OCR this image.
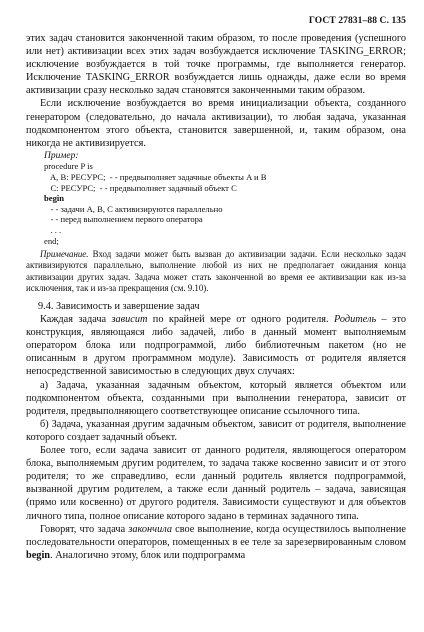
ГОСТ 27831–88 С. 135

этих задач становится законченной таким образом, то после проведения (успешного или нет) активизации всех этих задач возбуждается исключение TASKING_ERROR; исключение возбуждается в той точке программы, где выполняется генератор. Исключение TASKING_ERROR возбуждается лишь однажды, даже если во время активизации сразу несколько задач становятся законченными таким образом.

Если исключение возбуждается во время инициализации объекта, созданного генератором (следовательно, до начала активизации), то любая задача, указанная подкомпонентом этого объекта, становится завершенной, и, таким образом, она никогда не активизируется.

Пример:
procedure P is
A, B: РЕСУРС;  - - предвыполняет задачные объекты A и B
C: РЕСУРС;  - - предвыполняет задачный объект C
begin
- - задачи A, B, C активизируются параллельно
- - перед выполнением первого оператора
. . .
end;
Примечание. Вход задачи может быть вызван до активизации задачи. Если несколько задач активизируются параллельно, выполнение любой из них не предполагает ожидания конца активизации других задач. Задача может стать законченной во время ее активизации как из-за исключения, так и из-за прекращения (см. 9.10).
9.4. Зависимость и завершение задач

Каждая задача зависит по крайней мере от одного родителя. Родитель – это конструкция, являющаяся либо задачей, либо в данный момент выполняемым оператором блока или подпрограммой, либо библиотечным пакетом (но не описанным в другом программном модуле). Зависимость от родителя является непосредственной зависимостью в следующих двух случаях:

а) Задача, указанная задачным объектом, который является объектом или подкомпонентом объекта, созданными при выполнении генератора, зависит от родителя, предвыполняющего соответствующее описание ссылочного типа.

б) Задача, указанная другим задачным объектом, зависит от родителя, выполнение которого создает задачный объект.

Более того, если задача зависит от данного родителя, являющегося оператором блока, выполняемым другим родителем, то задача также косвенно зависит и от этого родителя; то же справедливо, если данный родитель является подпрограммой, вызванной другим родителем, а также если данный родитель – задача, зависящая (прямо или косвенно) от другого родителя. Зависимости существуют и для объектов личного типа, полное описание которого задано в терминах задачного типа.

Говорят, что задача закончила свое выполнение, когда осуществилось выполнение последовательности операторов, помещенных в ее теле за зарезервированным словом begin. Аналогично этому, блок или подпрограмма
